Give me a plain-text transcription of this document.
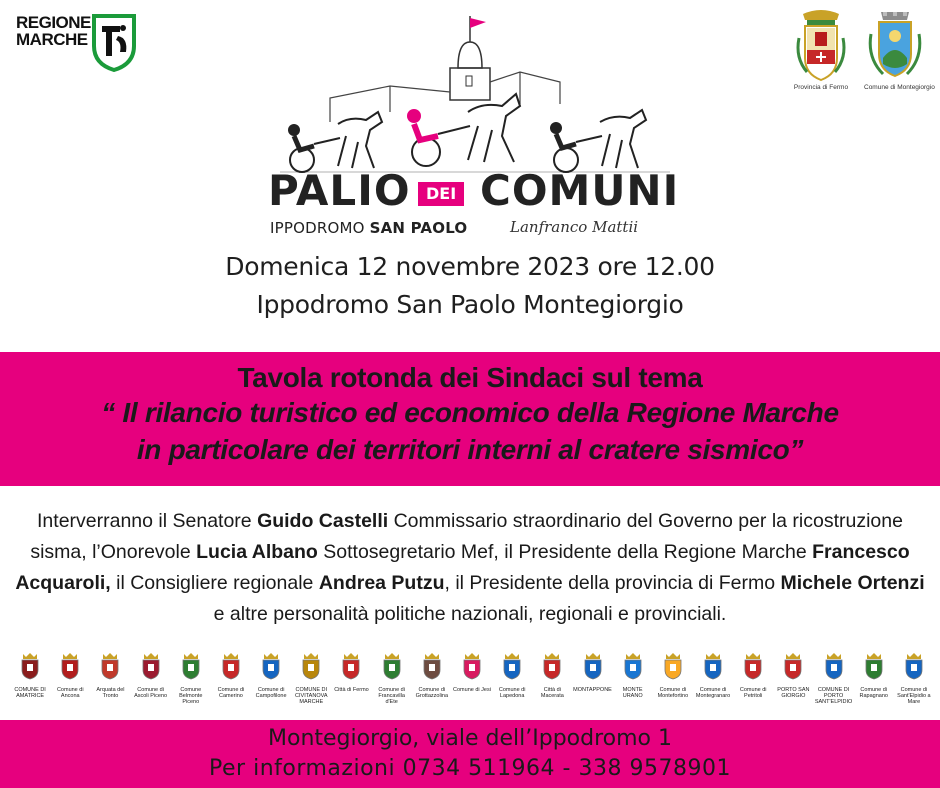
REGIONE
MARCHE
Provincia di Fermo	Comune di Montegiorgio
PALIO DEI COMUNI
IPPODROMO SAN PAOLO	Lanfranco Mattii
Domenica 12 novembre 2023 ore 12.00
Ippodromo San Paolo Montegiorgio
Tavola rotonda dei Sindaci sul tema
“ Il rilancio turistico ed economico della Regione Marche
in particolare dei territori interni al cratere sismico”
Interverranno il Senatore Guido Castelli Commissario straordinario del Governo per la ricostruzione sisma, l’Onorevole Lucia Albano Sottosegretario Mef, il Presidente della Regione Marche Francesco Acquaroli, il Consigliere regionale Andrea Putzu, il Presidente della provincia di Fermo Michele Ortenzi e altre personalità politiche nazionali, regionali e provinciali.
COMUNE DI AMATRICE
Comune di Ancona
Arquata del Tronto
Comune di Ascoli Piceno
Comune Belmonte Piceno
Comune di Camerino
Comune di Campofilone
COMUNE DI CIVITANOVA MARCHE
Città di Fermo	Comune di Francavilla d'Ete
Comune di Grottazzolina
Comune di Jesi	Comune di Lapedona
Città di Macerata
MONTAPPONE	MONTE URANO
Comune di Montefortino
Comune di Montegranaro
Comune di Petritoli
PORTO SAN GIORGIO
COMUNE DI PORTO SANT'ELPIDIO
Comune di Rapagnano
Comune di Sant'Elpidio a Mare
Montegiorgio, viale dell’Ippodromo 1
Per informazioni 0734 511964 - 338 9578901
